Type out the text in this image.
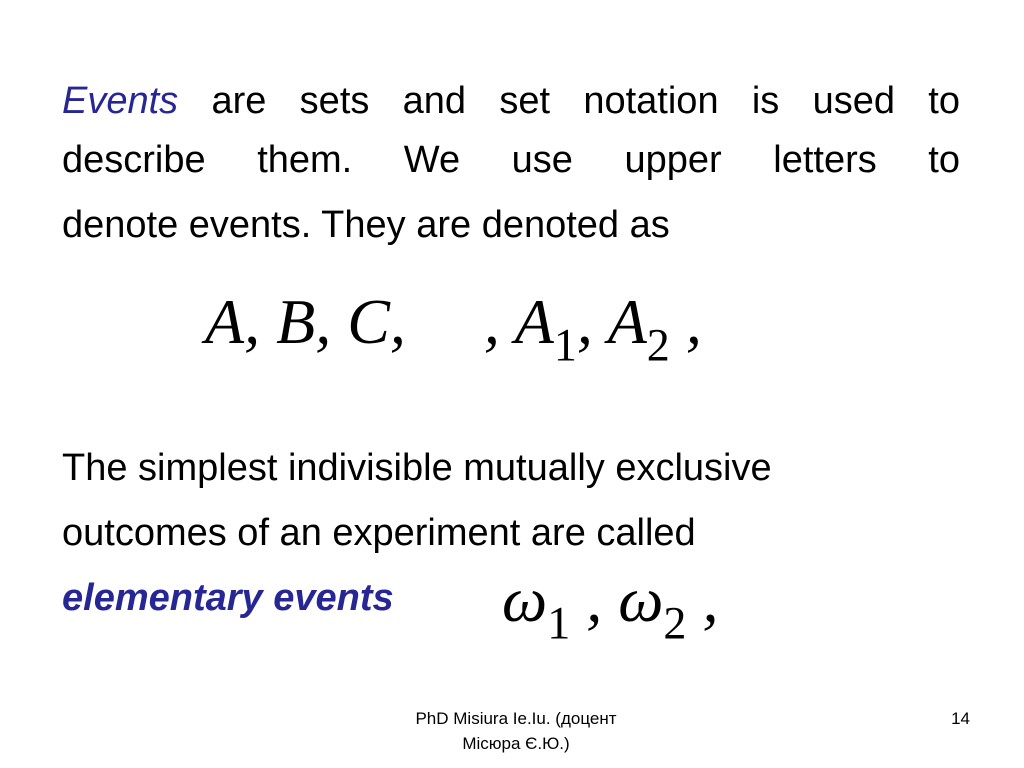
Events are sets and set notation is used to
describe them. We use upper letters to
denote events. They are denoted as
A, B, C, , $A_1$, $A_2$ ,
The simplest indivisible mutually exclusive
outcomes of an experiment are called
elementary events	$\omega_1$ , $\omega_2$ ,
PhD Misiura Ie.Iu. (доцент
Місюра Є.Ю.)
14
